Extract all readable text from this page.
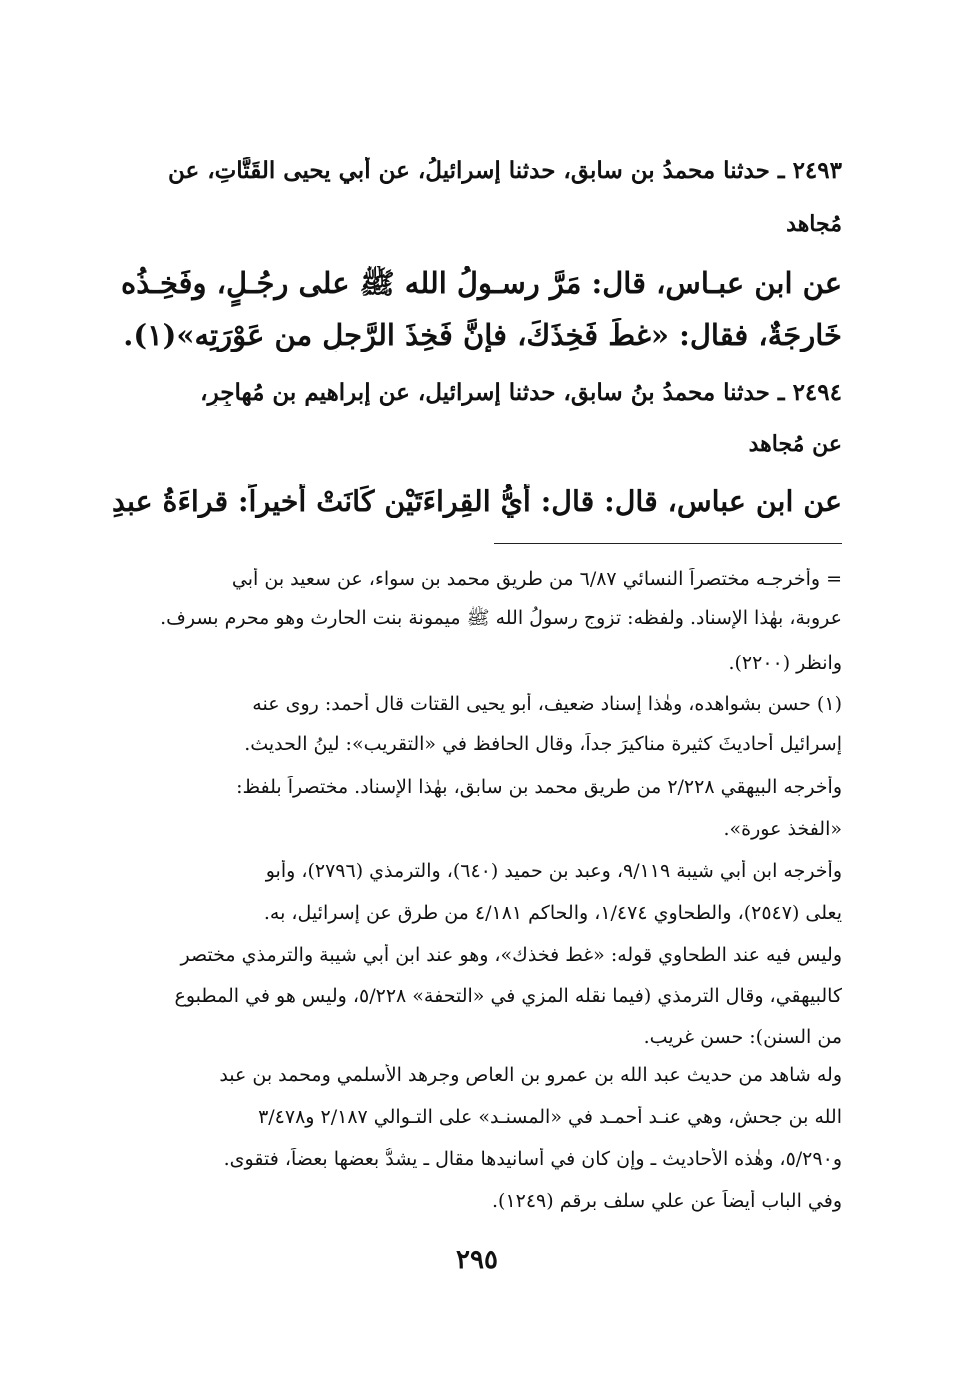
٢٤٩٣ ـ حدثنا محمدُ بن سابقٍ، حدثنا إسرائيلُ، عن أَبي يحيى القَتَّاتِ، عن
مُجاهد
عن ابن عبـاس، قال: مَرَّ رسـولُ الله ﷺ على رجُـلٍ، وفَخِـذُه
خَارِجَةٌ، فقال: «غطِّ فَخِذَكَ، فإنَّ فَخِذَ الرَّجلِ من عَوْرَتِه»(١).
٢٤٩٤ ـ حدثنا محمدُ بنُ سابق، حدثنا إسرائيل، عن إبراهيم بنِ مُهاجِرٍ،
عن مُجاهد
عن ابن عباس، قال: قال: أَيُّ القِراءَتَيْن كَانَتْ أَخيراً: قراءَةُ عبدِ
= وأخرجـه مختصراً النسائي ٦/٨٧ من طريق محمد بن سواء، عن سعيد بن أبي
عروبة، بهٰذا الإسناد. ولفظه: تزوج رسولُ الله ﷺ ميمونة بنت الحارث وهو محرم بسرف.
وانظر (٢٢٠٠).
(١) حسن بشواهده، وهٰذا إسناد ضعيف، أبو يحيى القتات قال أحمد: روى عنه
إسرائيل أحاديثَ كثيرة مناكيرَ جداً، وقال الحافظ في «التقريب»: لينُ الحديث.
وأخرجه البيهقي ٢/٢٢٨ من طريق محمد بن سابق، بهٰذا الإسناد. مختصراً بلفظ:
«الفخذ عورة».
وأخرجه ابن أبي شيبة ٩/١١٩، وعبد بن حميد (٦٤٠)، والترمذي (٢٧٩٦)، وأبو
يعلى (٢٥٤٧)، والطحاوي ١/٤٧٤، والحاكم ٤/١٨١ من طرق عن إسرائيل، به.
وليس فيه عند الطحاوي قوله: «غط فخذك»، وهو عند ابن أبي شيبة والترمذي مختصر
كالبيهقي، وقال الترمذي (فيما نقله المزي في «التحفة» ٥/٢٢٨، وليس هو في المطبوع
من السنن): حسن غريب.
وله شاهد من حديث عبد الله بن عمرو بن العاص وجرهد الأسلمي ومحمد بن عبد
الله بن جحش، وهي عنـد أحمـد في «المسنـد» على التـوالي ٢/١٨٧ و٣/٤٧٨
و٥/٢٩٠، وهٰذه الأحاديث ـ وإن كان في أسانيدها مقال ـ يشدُّ بعضها بعضاً، فتقوى.
وفي الباب أيضاً عن علي سلف برقم (١٢٤٩).
٢٩٥
